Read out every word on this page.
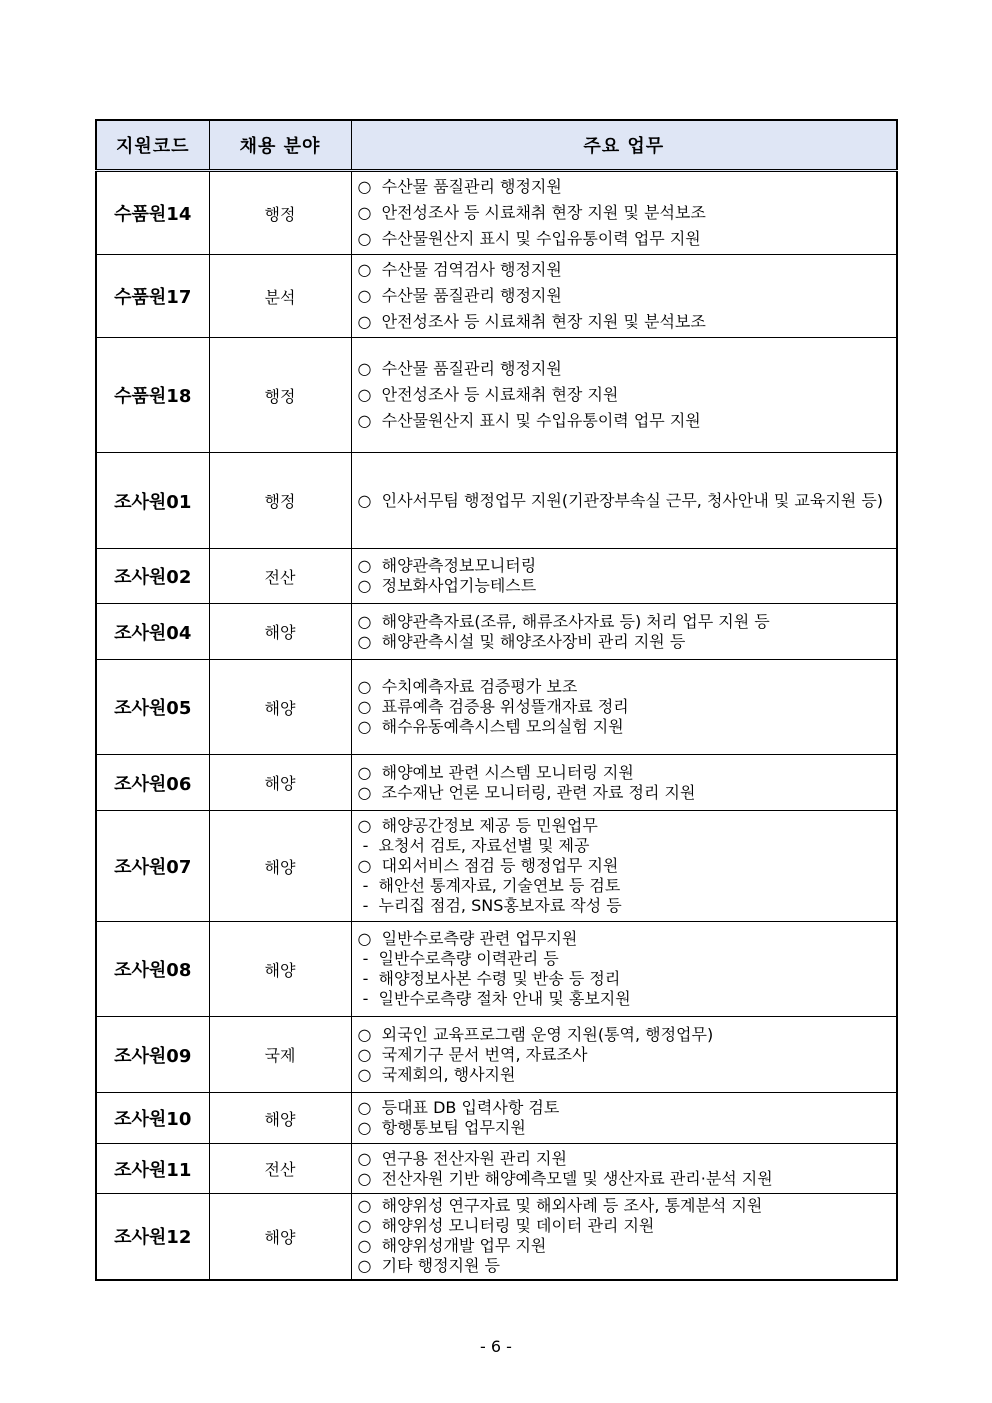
지원코드	채용 분야	주요 업무
수품원14	행정	○  수산물 품질관리 행정지원
○  안전성조사 등 시료채취 현장 지원 및 분석보조
○  수산물원산지 표시 및 수입유통이력 업무 지원

수품원17	분석	○  수산물 검역검사 행정지원
○  수산물 품질관리 행정지원
○  안전성조사 등 시료채취 현장 지원 및 분석보조

수품원18	행정	○  수산물 품질관리 행정지원
○  안전성조사 등 시료채취 현장 지원
○  수산물원산지 표시 및 수입유통이력 업무 지원

조사원01	행정	○  인사서무팀 행정업무 지원(기관장부속실 근무, 청사안내 및 교육지원 등)

조사원02	전산	○  해양관측정보모니터링
○  정보화사업기능테스트

조사원04	해양	○  해양관측자료(조류, 해류조사자료 등) 처리 업무 지원 등
○  해양관측시설 및 해양조사장비 관리 지원 등

조사원05	해양	○  수치예측자료 검증평가 보조
○  표류예측 검증용 위성뜰개자료 정리
○  해수유동예측시스템 모의실험 지원

조사원06	해양	○  해양예보 관련 시스템 모니터링 지원
○  조수재난 언론 모니터링, 관련 자료 정리 지원

조사원07	해양	○  해양공간정보 제공 등 민원업무
-  요청서 검토, 자료선별 및 제공
○  대외서비스 점검 등 행정업무 지원
-  해안선 통계자료, 기술연보 등 검토
-  누리집 점검, SNS홍보자료 작성 등

조사원08	해양	○  일반수로측량 관련 업무지원
-  일반수로측량 이력관리 등
-  해양정보사본 수령 및 반송 등 정리
-  일반수로측량 절차 안내 및 홍보지원

조사원09	국제	○  외국인 교육프로그램 운영 지원(통역, 행정업무)
○  국제기구 문서 번역, 자료조사
○  국제회의, 행사지원

조사원10	해양	○  등대표 DB 입력사항 검토
○  항행통보팀 업무지원

조사원11	전산	○  연구용 전산자원 관리 지원
○  전산자원 기반 해양예측모델 및 생산자료 관리·분석 지원

조사원12	해양	○  해양위성 연구자료 및 해외사례 등 조사, 통계분석 지원
○  해양위성 모니터링 및 데이터 관리 지원
○  해양위성개발 업무 지원
○  기타 행정지원 등
- 6 -
